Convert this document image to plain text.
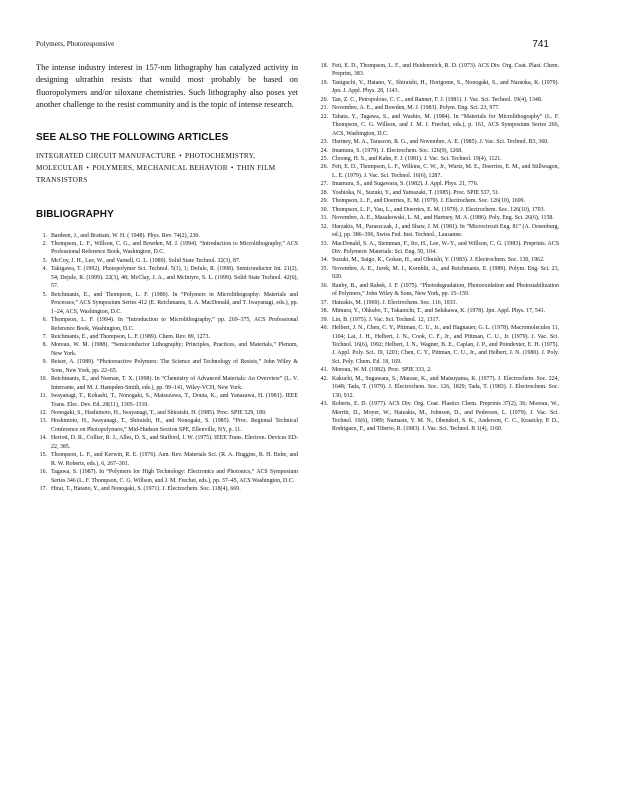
Polymers, Photoresponsive	741

The intense industry interest in 157-nm lithography has catalyzed activity in designing ultrathin resists that would most probably be based on fluoropolymers and/or siloxane chemistries. Such lithography also poses yet another challenge to the resist community and is the topic of intense research.

SEE ALSO THE FOLLOWING ARTICLES

INTEGRATED CIRCUIT MANUFACTURE • PHOTOCHEMISTRY, MOLECULAR • POLYMERS, MECHANICAL BEHAVIOR • THIN FILM TRANSISTORS

BIBLIOGRAPHY
1. Bardeen, J., and Brattain, W. H. ( 1948). Phys. Rev. 74(2), 230.
2. Thompson, L. F., Willson, C. G., and Bowden, M. J. (1994). “Introduction to Microlithography,” ACS Professional Reference Book, Washington, D.C.
3. McCoy, J. H., Lee, W., and Varnell, G. L. (1989). Solid State Technol. 32(3), 87.
4. Takigawa, T. (1992). Photopolymer Sci. Technol. 5(1), 1; DeJule, R. (1998). Semiconductor Int. 21(2), 54; Dejule, R. (1999). 22(3), 48; McClay, J. A., and McIntyre, S. L. (1999). Solid State Technol. 42(6), 57.
5. Reichmanis, E., and Thompson, L. F. (1989). In “Polymers in Microlithography: Materials and Processes,” ACS Symposium Series 412 (E. Reichmanis, S. A. MacDonald, and T. Iwayanagi, eds.), pp. 1–24, ACS, Washington, D.C.
6. Thompson, L. F. (1994). In “Introduction to Microlithography,” pp. 269–375, ACS Professional Reference Book, Washington, D.C.
7. Reichmanis, E., and Thompson, L. F. (1989). Chem. Rev. 89, 1273.
8. Moreau, W. M. (1988). “Semiconductor Lithography; Principles, Practices, and Materials,” Plenum, New York.
9. Reiser, A. (1989). “Photoreactive Polymers: The Science and Technology of Resists,” John Wiley & Sons, New York, pp. 22–65.
10. Reichmanis, E., and Neenan, T. X. (1998). In “Chemistry of Advanced Materials: An Overview” (L. V. Interrante, and M. J. Hampden-Smith, eds.), pp. 99–141, Wiley-VCH, New York.
11. Iwayanagi, T., Kohashi, T., Nonogaki, S., Matsuzawa, T., Douta, K., and Yanazawa, H. (1981). IEEE Trans. Elec. Dev. Ed. 28(11), 1305–1310.
12. Nonogaki, S., Hashimoto, H., Iwayanagi, T., and Shiraishi, H. (1985). Proc. SPIE 529, 189.
13. Hoshimoto, H., Iwayanagi, T., Shiraishi, H., and Nonogaki, S. (1985). “Proc. Regional Technical Conference on Photopolymers,” Mid-Hudson Section SPE, Ellenville, NY, p. 11.
14. Heriott, D. R., Collier, R. J., Alles, D. S., and Stafford, J. W. (1975). IEEE Trans. Electron. Devices ED-22, 385.
15. Thompson, L. F., and Kerwin, R. E. (1976). Ann. Rev. Materials Sci. (R. A. Huggins, R. H. Bube, and R. W. Roberts, eds.), 6, 267–301.
16. Tagawa, S. (1987). In “Polymers for High Technology: Electronics and Photonics,” ACS Symposium Series 346 (L. F. Thompson, C. G. Willson, and J. M. Frechet, eds.), pp. 37–45, ACS Washington, D.C.
17. Hirai, T., Hatano, Y., and Nonogaki, S. (1971). J. Electrochem. Soc. 118(4), 669.
18. Feit, E. D., Thompson, L. F., and Heidenreich, R. D. (1973). ACS Div. Org. Coat. Plast. Chem. Preprint, 383.
19. Taniguchi, Y., Hatano, Y., Shiraishi, H., Horigome, S., Nonogaki, S., and Naraoka, K. (1979). Jpn. J. Appl. Phys. 28, 1143.
20. Tan, Z. C., Petropolous, C. C., and Ranner, F. J. (1981). J. Vac. Sci. Technol. 19(4), 1348.
21. Novembre, A. E., and Bowden, M. J. (1983). Polym. Eng. Sci. 23, 977.
22. Tabata, Y., Tagawa, S., and Washio, M. (1984). In “Materials for Microlithography” (L. F. Thompson, C. G. Willson, and J. M. J. Frechet, eds.), p. 161, ACS Symposium Series 266, ACS, Washington, D.C.
23. Hartney, M. A., Tarascon, R. G., and Novembre, A. E. (1985). J. Vac. Sci. Technol. B3, 360.
24. Imamura, S. (1979). J. Electrochem. Soc. 126(9), 1268.
25. Choong, H. S., and Kahn, F. J. (1981). J. Vac. Sci. Technol. 19(4), 1121.
26. Feit, E. D., Thompson, L. F., Wilkins, C. W., Jr., Wurtz, M. E., Doerries, E. M., and Stillwagon, L. E. (1979). J. Vac. Sci. Technol. 16(6), 1287.
27. Imamura, S., and Sugawara, S. (1982). J. Appl. Phys. 21, 776.
28. Yoshioka, N., Suzuki, Y., and Yamazaki, T. (1985). Proc. SPIE 537, 51.
29. Thompson, L. F., and Doerries, E. M. (1979). J. Electrochem. Soc. 126(10), 1699.
30. Thompson, L. F., Yau, L., and Doerries, E. M. (1979). J. Electrochem. Soc. 126(10), 1703.
31. Novembre, A. E., Masakowski, L. M., and Hartney, M. A. (1986). Poly. Eng. Sci. 26(6), 1158.
32. Harzakis, M., Paraszczak, J., and Shaw, J. M. (1981). In “Microcircuit Eng. 81” (A. Oosenburg, ed.), pp. 386–396, Swiss Fed. Inst. Technol., Lausanne.
33. MacDonald, S. A., Steinman, F., Ito, H., Lee, W.-Y., and Willson, C. G. (1983). Preprints. ACS Div. Polymeric Materials: Sci. Eng. 50, 104.
34. Suzuki, M., Saigo, K., Gokan, H., and Ohnishi, Y. (1983). J. Electrochem. Soc. 130, 1962.
35. Novembre, A. E., Jurek, M. J., Kornblit, A., and Reichmanis, E. (1989). Polym. Eng. Sci. 23, 920.
36. Ranby, B., and Rabek, J. F. (1975). “Photodegradation, Photooxidation and Photostabilization of Polymers,” John Wiley & Sons, New York, pp. 15–159.
37. Hatzakis, M. (1969). J. Electrochem. Soc. 116, 1033.
38. Mimura, Y., Ohkubo, T., Takanichi, T., and Sekikawa, K. (1978). Jpn. Appl. Phys. 17, 541.
39. Lin, B. (1975). J. Vac. Sci. Technol. 12, 1317.
40. Helbert, J. N., Chen, C. Y., Pittman, C. U., Jr., and Hagnauer, G. L. (1978). Macromolecules 11, 1104; Lai, J. H., Helbert, J. N., Cook, C. F., Jr., and Pittman, C. U., Jr. (1979). J. Vac. Sci. Technol. 16(6), 1992; Helbert, J. N., Wagner, B. E., Caplan, J. P., and Poindexter, E. H. (1975). J. Appl. Poly. Sci. 19, 1201; Chen, C. Y., Pittman, C. U., Jr., and Helbert, J. N. (1980). J. Poly. Sci. Poly. Chem. Ed. 18, 169.
41. Moreau, W. M. (1982). Proc. SPIE 333, 2.
42. Kakuchi, M., Sugawara, S., Murase, K., and Matsuyama, K. (1977). J. Electrochem. Soc. 224, 1648; Tada, T. (1979). J. Electrochem. Soc. 126, 1829; Tada, T. (1983). J. Electrochem. Soc. 130, 912.
43. Roberts, E. D. (1977). ACS Div. Org. Coat. Plastics Chem. Preprints 37(2), 36; Moreau, W., Merritt, D., Moyer, W., Hatzakis, M., Johnson, D., and Pederson, L. (1979). J. Vac. Sci. Technol. 16(6), 1989; Namaste, Y. M. N., Obendorf, S. K., Anderson, C. C., Krasicky, P. D., Rodriguez, F., and Tiberio, R. (1983). J. Vac. Sci. Technol. B 1(4), 1160.
